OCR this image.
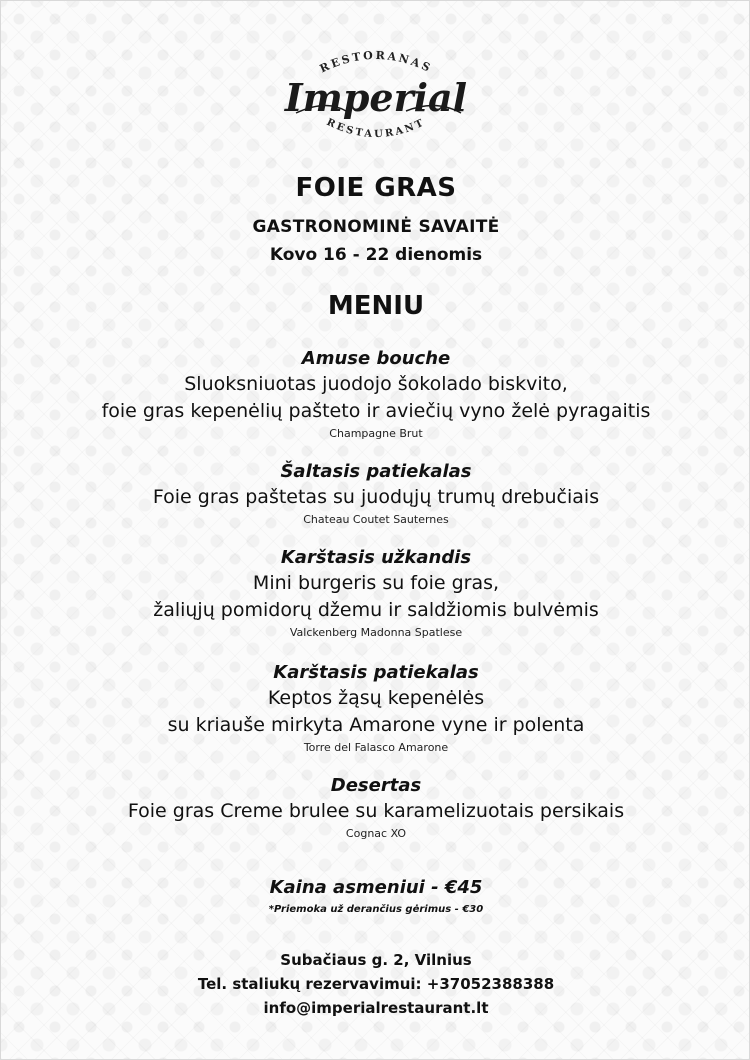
RESTORANAS
Imperial
RESTAURANT
FOIE GRAS
GASTRONOMINĖ SAVAITĖ
Kovo 16 - 22 dienomis
MENIU
Amuse bouche
Sluoksniuotas juodojo šokolado biskvito,
foie gras kepenėlių pašteto ir aviečių vyno želė pyragaitis
Champagne Brut
Šaltasis patiekalas
Foie gras paštetas su juodųjų trumų drebučiais
Chateau Coutet Sauternes
Karštasis užkandis
Mini burgeris su foie gras,
žaliųjų pomidorų džemu ir saldžiomis bulvėmis
Valckenberg Madonna Spatlese
Karštasis patiekalas
Keptos žąsų kepenėlės
su kriauše mirkyta Amarone vyne ir polenta
Torre del Falasco Amarone
Desertas
Foie gras Creme brulee su karamelizuotais persikais
Cognac XO
Kaina asmeniui - €45
*Priemoka už derančius gėrimus - €30
Subačiaus g. 2, Vilnius
Tel. staliukų rezervavimui: +37052388388
info@imperialrestaurant.lt
